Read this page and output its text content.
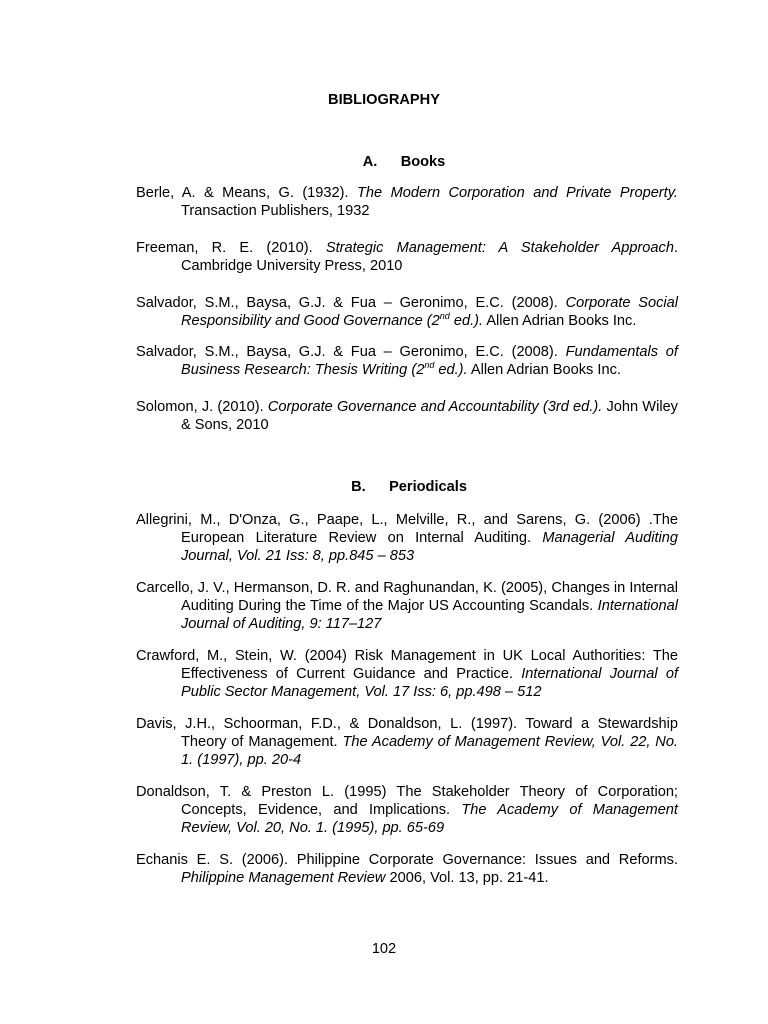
BIBLIOGRAPHY
A. Books

Berle, A. & Means, G. (1932). The Modern Corporation and Private Property. Transaction Publishers, 1932

Freeman, R. E. (2010). Strategic Management: A Stakeholder Approach. Cambridge University Press, 2010

Salvador, S.M., Baysa, G.J. & Fua – Geronimo, E.C. (2008). Corporate Social Responsibility and Good Governance (2nd ed.). Allen Adrian Books Inc.

Salvador, S.M., Baysa, G.J. & Fua – Geronimo, E.C. (2008). Fundamentals of Business Research: Thesis Writing (2nd ed.). Allen Adrian Books Inc.

Solomon, J. (2010). Corporate Governance and Accountability (3rd ed.). John Wiley & Sons, 2010

B. Periodicals

Allegrini, M., D'Onza, G., Paape, L., Melville, R., and Sarens, G. (2006) .The European Literature Review on Internal Auditing. Managerial Auditing Journal, Vol. 21 Iss: 8, pp.845 – 853

Carcello, J. V., Hermanson, D. R. and Raghunandan, K. (2005), Changes in Internal Auditing During the Time of the Major US Accounting Scandals. International Journal of Auditing, 9: 117–127

Crawford, M., Stein, W. (2004) Risk Management in UK Local Authorities: The Effectiveness of Current Guidance and Practice. International Journal of Public Sector Management, Vol. 17 Iss: 6, pp.498 – 512

Davis, J.H., Schoorman, F.D., & Donaldson, L. (1997). Toward a Stewardship Theory of Management. The Academy of Management Review, Vol. 22, No. 1. (1997), pp. 20-4

Donaldson, T. & Preston L. (1995) The Stakeholder Theory of Corporation; Concepts, Evidence, and Implications. The Academy of Management Review, Vol. 20, No. 1. (1995), pp. 65-69

Echanis E. S. (2006). Philippine Corporate Governance: Issues and Reforms. Philippine Management Review 2006, Vol. 13, pp. 21-41.

102
